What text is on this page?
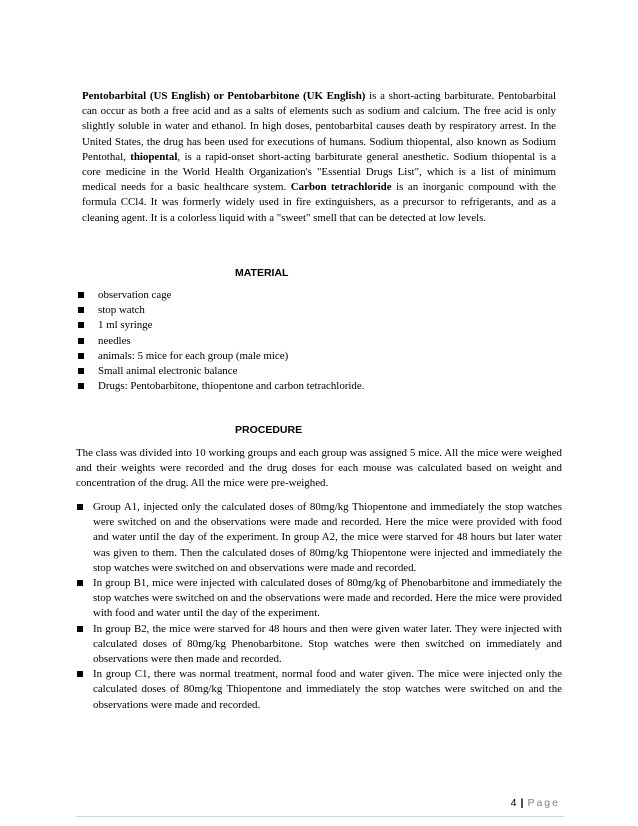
Pentobarbital (US English) or Pentobarbitone (UK English) is a short-acting barbiturate. Pentobarbital can occur as both a free acid and as a salts of elements such as sodium and calcium. The free acid is only slightly soluble in water and ethanol. In high doses, pentobarbital causes death by respiratory arrest. In the United States, the drug has been used for executions of humans. Sodium thiopental, also known as Sodium Pentothal, thiopental, is a rapid-onset short-acting barbiturate general anesthetic. Sodium thiopental is a core medicine in the World Health Organization's "Essential Drugs List", which is a list of minimum medical needs for a basic healthcare system. Carbon tetrachloride is an inorganic compound with the formula CCl4. It was formerly widely used in fire extinguishers, as a precursor to refrigerants, and as a cleaning agent. It is a colorless liquid with a "sweet" smell that can be detected at low levels.

MATERIAL
observation cage
stop watch
1 ml syringe
needles
animals: 5 mice for each group (male mice)
Small animal electronic balance
Drugs: Pentobarbitone, thiopentone and carbon tetrachloride.
PROCEDURE

The class was divided into 10 working groups and each group was assigned 5 mice. All the mice were weighed and their weights were recorded and the drug doses for each mouse was calculated based on weight and concentration of the drug. All the mice were pre-weighed.

Group A1, injected only the calculated doses of 80mg/kg Thiopentone and immediately the stop watches were switched on and the observations were made and recorded. Here the mice were provided with food and water until the day of the experiment. In group A2, the mice were starved for 48 hours but later water was given to them. Then the calculated doses of 80mg/kg Thiopentone were injected and immediately the stop watches were switched on and observations were made and recorded.
In group B1, mice were injected with calculated doses of 80mg/kg of Phenobarbitone and immediately the stop watches were switched on and the observations were made and recorded. Here the mice were provided with food and water until the day of the experiment.
In group B2, the mice were starved for 48 hours and then were given water later. They were injected with calculated doses of 80mg/kg Phenobarbitone. Stop watches were then switched on immediately and observations were then made and recorded.
In group C1, there was normal treatment, normal food and water given. The mice were injected only the calculated doses of 80mg/kg Thiopentone and immediately the stop watches were switched on and the observations were made and recorded.
4 | Page
